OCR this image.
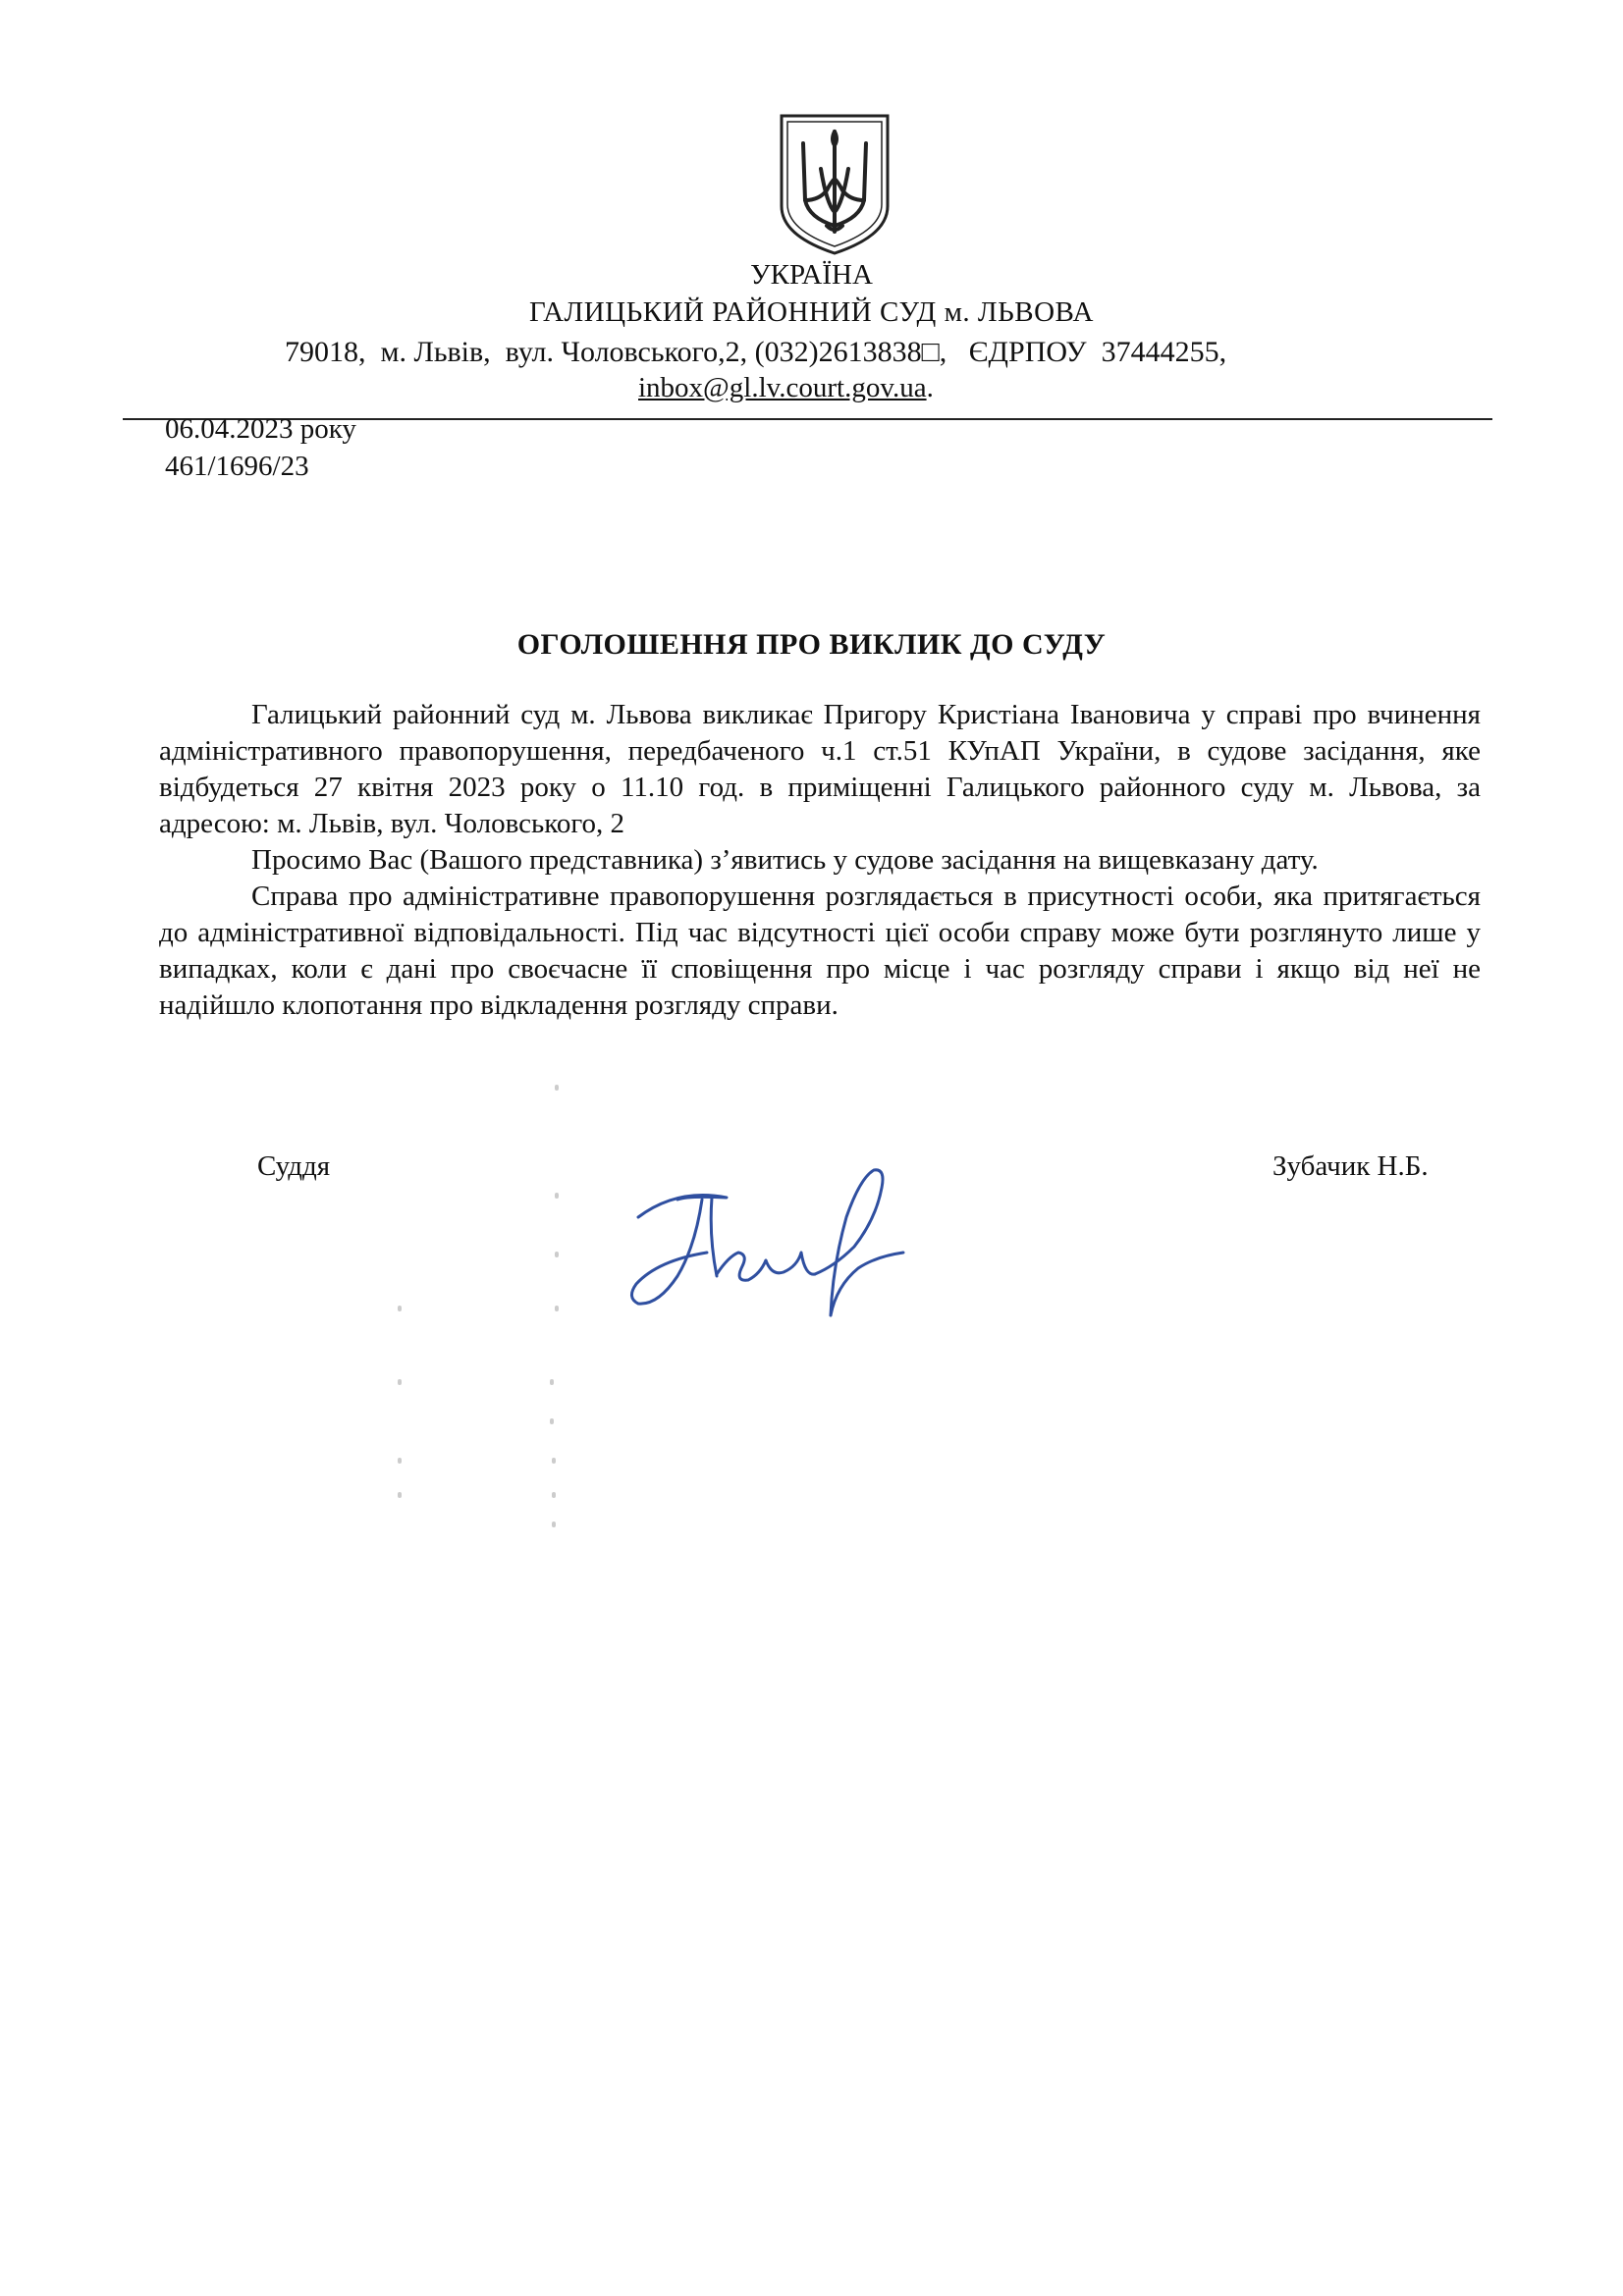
УКРАЇНА
ГАЛИЦЬКИЙ РАЙОННИЙ СУД м. ЛЬВОВА
79018,  м. Львів,  вул. Чоловського,2, (032)2613838□,   ЄДРПОУ  37444255,
inbox@gl.lv.court.gov.ua.
06.04.2023 року
461/1696/23
ОГОЛОШЕННЯ ПРО ВИКЛИК ДО СУДУ

Галицький районний суд м. Львова викликає Пригору Кристіана Івановича у справі про вчинення адміністративного правопорушення, передбаченого ч.1 ст.51 КУпАП України, в судове засідання, яке відбудеться 27 квітня 2023 року о 11.10 год. в приміщенні Галицького районного суду м. Львова, за адресою: м. Львів, вул. Чоловського, 2

Просимо Вас (Вашого представника) з’явитись у судове засідання на вищевказану дату.

Справа про адміністративне правопорушення розглядається в присутності особи, яка притягається до адміністративної відповідальності. Під час відсутності цієї особи справу може бути розглянуто лише у випадках, коли є дані про своєчасне її сповіщення про місце і час розгляду справи і якщо від неї не надійшло клопотання про відкладення розгляду справи.

Суддя	Зубачик Н.Б.
